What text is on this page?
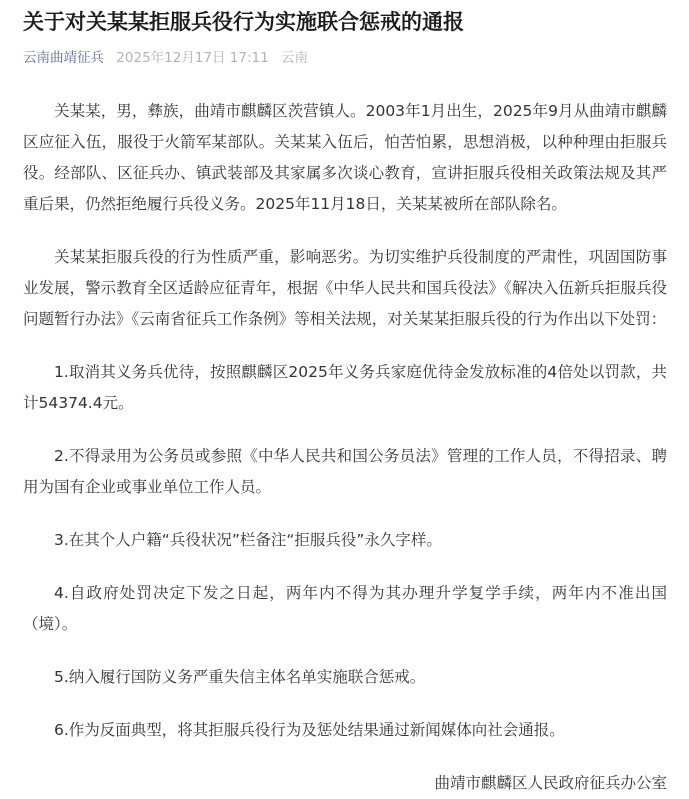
关于对关某某拒服兵役行为实施联合惩戒的通报
云南曲靖征兵 2025年12月17日 17:11 云南

关某某，男，彝族，曲靖市麒麟区茨营镇人。2003年1月出生，2025年9月从曲靖市麒麟区应征入伍，服役于火箭军某部队。关某某入伍后，怕苦怕累，思想消极，以种种理由拒服兵役。经部队、区征兵办、镇武装部及其家属多次谈心教育，宣讲拒服兵役相关政策法规及其严重后果，仍然拒绝履行兵役义务。2025年11月18日，关某某被所在部队除名。

关某某拒服兵役的行为性质严重，影响恶劣。为切实维护兵役制度的严肃性，巩固国防事业发展，警示教育全区适龄应征青年，根据《中华人民共和国兵役法》《解决入伍新兵拒服兵役问题暂行办法》《云南省征兵工作条例》等相关法规，对关某某拒服兵役的行为作出以下处罚：

1.取消其义务兵优待，按照麒麟区2025年义务兵家庭优待金发放标准的4倍处以罚款，共计54374.4元。

2.不得录用为公务员或参照《中华人民共和国公务员法》管理的工作人员，不得招录、聘用为国有企业或事业单位工作人员。

3.在其个人户籍“兵役状况”栏备注“拒服兵役”永久字样。

4.自政府处罚决定下发之日起，两年内不得为其办理升学复学手续，两年内不准出国（境）。

5.纳入履行国防义务严重失信主体名单实施联合惩戒。

6.作为反面典型，将其拒服兵役行为及惩处结果通过新闻媒体向社会通报。

曲靖市麒麟区人民政府征兵办公室
